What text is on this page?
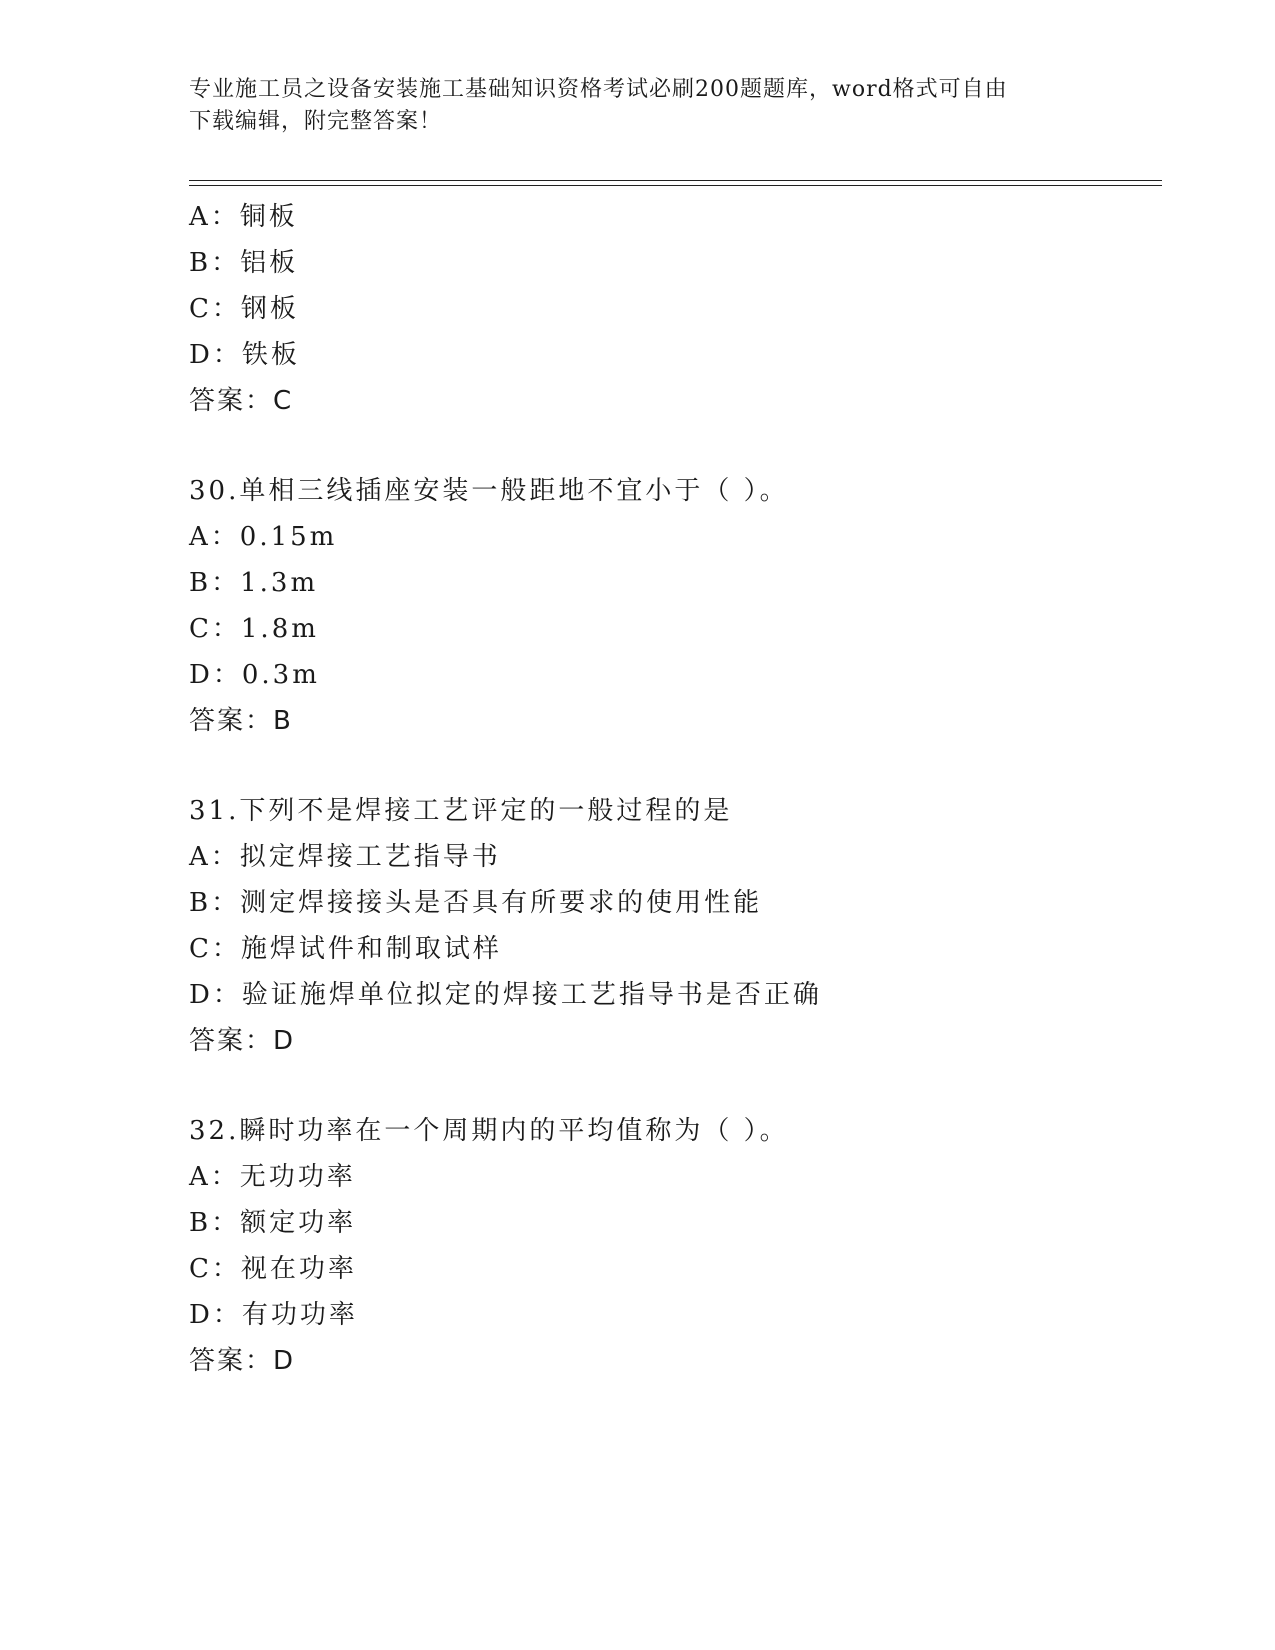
专业施工员之设备安装施工基础知识资格考试必刷200题题库，word格式可自由
下载编辑，附完整答案！
A：铜板
B：铝板
C：钢板
D：铁板
答案：C
30.单相三线插座安装一般距地不宜小于（ ）。
A：0.15m
B：1.3m
C：1.8m
D：0.3m
答案：B
31.下列不是焊接工艺评定的一般过程的是
A：拟定焊接工艺指导书
B：测定焊接接头是否具有所要求的使用性能
C：施焊试件和制取试样
D：验证施焊单位拟定的焊接工艺指导书是否正确
答案：D
32.瞬时功率在一个周期内的平均值称为（ ）。
A：无功功率
B：额定功率
C：视在功率
D：有功功率
答案：D
